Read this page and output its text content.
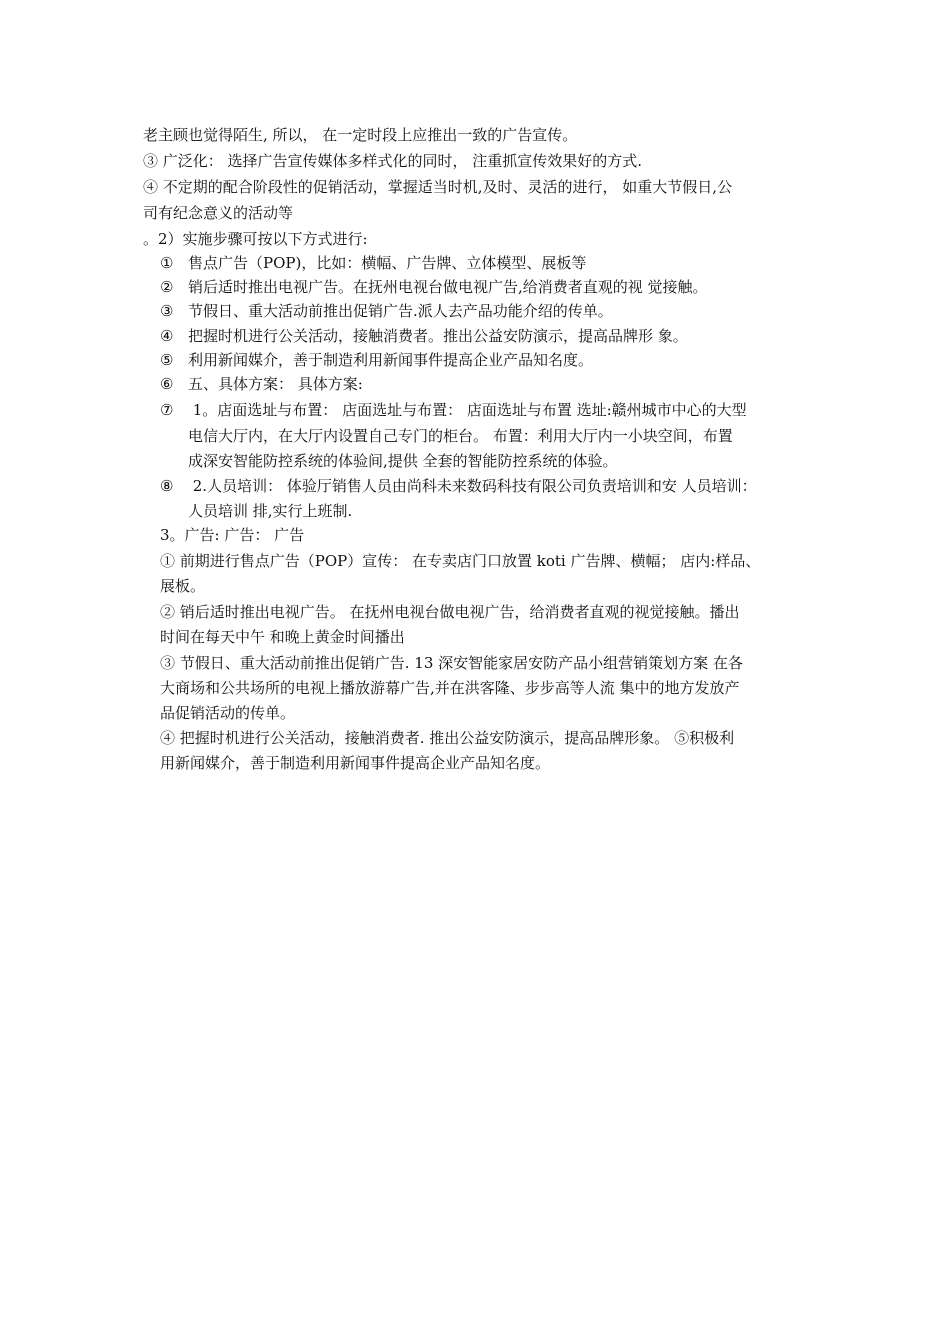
老主顾也觉得陌生, 所以， 在一定时段上应推出一致的广告宣传。
③ 广泛化： 选择广告宣传媒体多样式化的同时， 注重抓宣传效果好的方式.
④ 不定期的配合阶段性的促销活动，掌握适当时机,及时、灵活的进行， 如重大节假日,公
司有纪念意义的活动等
。2）实施步骤可按以下方式进行:
① 售点广告（POP)，比如：横幅、广告牌、立体模型、展板等
② 销后适时推出电视广告。在抚州电视台做电视广告,给消费者直观的视 觉接触。
③ 节假日、重大活动前推出促销广告.派人去产品功能介绍的传单。
④ 把握时机进行公关活动，接触消费者。推出公益安防演示，提高品牌形 象。
⑤ 利用新闻媒介，善于制造利用新闻事件提高企业产品知名度。
⑥ 五、具体方案： 具体方案:
⑦ 1。店面选址与布置： 店面选址与布置： 店面选址与布置 选址:赣州城市中心的大型
电信大厅内，在大厅内设置自己专门的柜台。 布置：利用大厅内一小块空间，布置
成深安智能防控系统的体验间,提供 全套的智能防控系统的体验。
⑧ 2.人员培训： 体验厅销售人员由尚科未来数码科技有限公司负责培训和安 人员培训：
人员培训 排,实行上班制.
3。广告: 广告： 广告
① 前期进行售点广告（POP）宣传： 在专卖店门口放置 koti 广告牌、横幅； 店内:样品、
展板。
② 销后适时推出电视广告。 在抚州电视台做电视广告，给消费者直观的视觉接触。播出
时间在每天中午 和晚上黄金时间播出
③ 节假日、重大活动前推出促销广告. 13 深安智能家居安防产品小组营销策划方案 在各
大商场和公共场所的电视上播放游幕广告,并在洪客隆、步步高等人流 集中的地方发放产
品促销活动的传单。
④ 把握时机进行公关活动，接触消费者. 推出公益安防演示，提高品牌形象。 ⑤积极利
用新闻媒介，善于制造利用新闻事件提高企业产品知名度。
